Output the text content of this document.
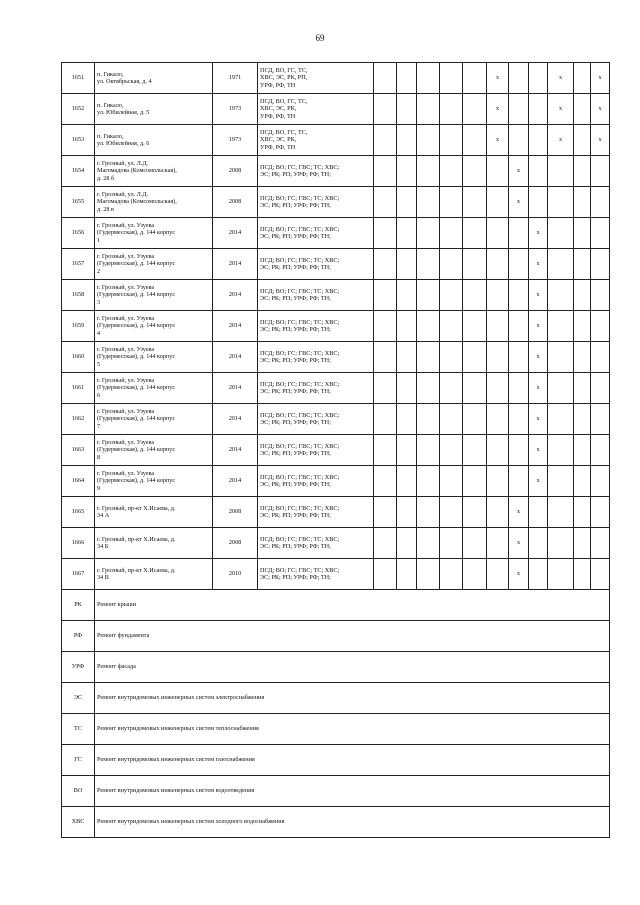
69
1651	п. Гикало,
ул. Октябрьская, д. 4	1971	ПСД, ВО, ГС, ТС,
ХВС, ЭС, РК, РП,
УРФ, РФ, ТН						x			x		x
1652	п. Гикало,
ул. Юбилейная, д. 5	1973	ПСД, ВО, ГС, ТС,
ХВС, ЭС, РК,
УРФ, РФ, ТН						x			x		x
1653	п. Гикало,
ул. Юбилейная, д. 6	1973	ПСД, ВО, ГС, ТС,
ХВС, ЭС, РК,
УРФ, РФ, ТН						x			x		x
1654	г. Грозный, ул. Л.Д.
Магомадова (Комсомольская),
д. 28 б	2008	ПСД; ВО; ГС; ГВС; ТС; ХВС;
ЭС; РК; РП; УРФ; РФ; ТН;							x				
1655	г. Грозный, ул. Л.Д.
Магомадова (Комсомольская),
д. 28 в	2008	ПСД; ВО; ГС; ГВС; ТС; ХВС;
ЭС; РК; РП; УРФ; РФ; ТН;							x				
1656	г. Грозный, ул. Узуева
(Гудермесская), д. 144 корпус
1	2014	ПСД; ВО; ГС; ГВС; ТС; ХВС;
ЭС; РК; РП; УРФ; РФ; ТН;								x			
1657	г. Грозный, ул. Узуева
(Гудермесская), д. 144 корпус
2	2014	ПСД; ВО; ГС; ГВС; ТС; ХВС;
ЭС; РК; РП; УРФ; РФ; ТН;								x			
1658	г. Грозный, ул. Узуева
(Гудермесская), д. 144 корпус
3	2014	ПСД; ВО; ГС; ГВС; ТС; ХВС;
ЭС; РК; РП; УРФ; РФ; ТН;								x			
1659	г. Грозный, ул. Узуева
(Гудермесская), д. 144 корпус
4	2014	ПСД; ВО; ГС; ГВС; ТС; ХВС;
ЭС; РК; РП; УРФ; РФ; ТН;								x			
1660	г. Грозный, ул. Узуева
(Гудермесская), д. 144 корпус
5	2014	ПСД; ВО; ГС; ГВС; ТС; ХВС;
ЭС; РК; РП; УРФ; РФ; ТН;								x			
1661	г. Грозный, ул. Узуева
(Гудермесская), д. 144 корпус
6	2014	ПСД; ВО; ГС; ГВС; ТС; ХВС;
ЭС; РК; РП; УРФ; РФ; ТН;								x			
1662	г. Грозный, ул. Узуева
(Гудермесская), д. 144 корпус
7	2014	ПСД; ВО; ГС; ГВС; ТС; ХВС;
ЭС; РК; РП; УРФ; РФ; ТН;								x			
1663	г. Грозный, ул. Узуева
(Гудермесская), д. 144 корпус
8	2014	ПСД; ВО; ГС; ГВС; ТС; ХВС;
ЭС; РК; РП; УРФ; РФ; ТН;								x			
1664	г. Грозный, ул. Узуева
(Гудермесская), д. 144 корпус
9	2014	ПСД; ВО; ГС; ГВС; ТС; ХВС;
ЭС; РК; РП; УРФ; РФ; ТН;								x			
1665	г. Грозный, пр-кт Х.Исаева, д.
34 А	2008	ПСД; ВО; ГС; ГВС; ТС; ХВС;
ЭС; РК; РП; УРФ; РФ; ТН;							x				
1666	г. Грозный, пр-кт Х.Исаева, д.
34 Б	2008	ПСД; ВО; ГС; ГВС; ТС; ХВС;
ЭС; РК; РП; УРФ; РФ; ТН;							x				
1667	г. Грозный, пр-кт Х.Исаева, д.
34 В	2010	ПСД; ВО; ГС; ГВС; ТС; ХВС;
ЭС; РК; РП; УРФ; РФ; ТН;							x				
РК	Ремонт крыши													
РФ	Ремонт фундамента													
УРФ	Ремонт фасада													
ЭС	Ремонт внутридомовых инженерных систем электроснабжения													
ТС	Ремонт внутридомовых инженерных систем теплоснабжения													
ГС	Ремонт внутридомовых инженерных систем газоснабжения													
ВО	Ремонт внутридомовых инженерных систем водоотведения													
ХВС	Ремонт внутридомовых инженерных систем холодного водоснабжения													
